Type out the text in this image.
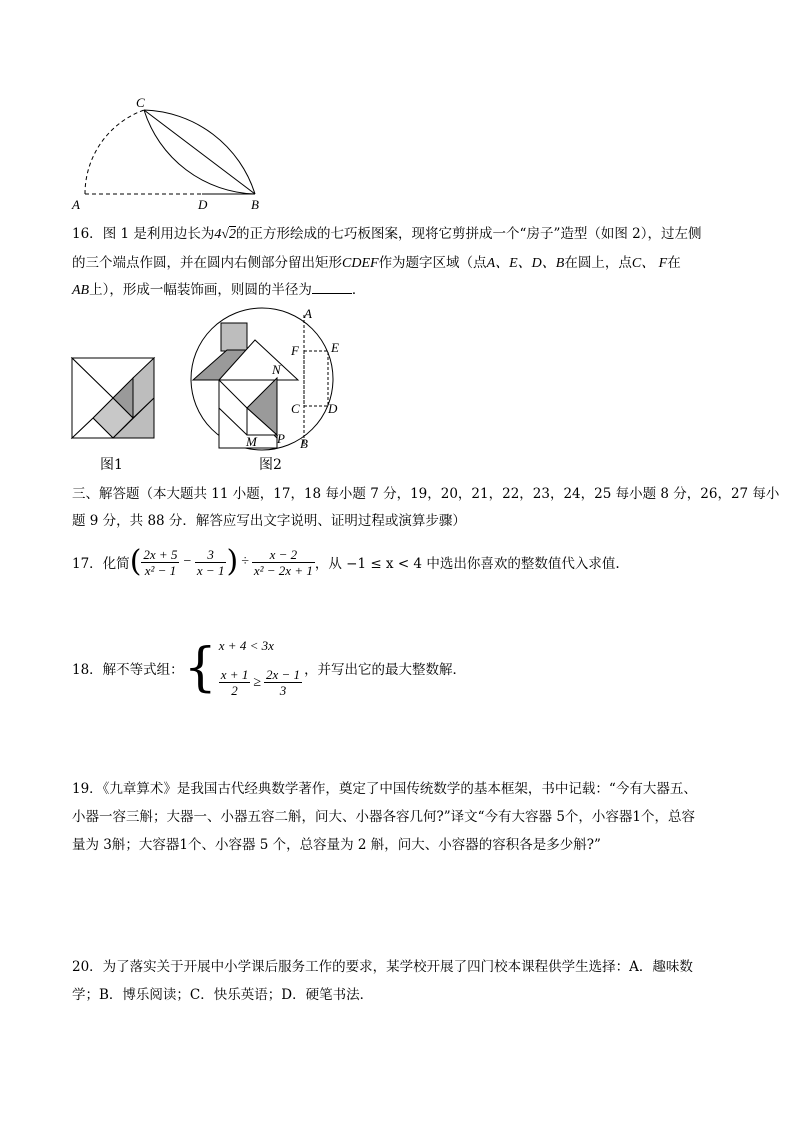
C
A	D	B
16．图 1 是利用边长为4√2的正方形绘成的七巧板图案，现将它剪拼成一个“房子”造型（如图 2），过左侧
的三个端点作圆，并在圆内右侧部分留出矩形CDEF作为题字区域（点A、E、D、B在圆上，点C、 F在
AB上），形成一幅装饰画，则圆的半径为	．
图1
A
F E
N
C D
M P B
图2
三、解答题（本大题共 11 小题，17，18 每小题 7 分，19，20，21，22，23，24，25 每小题 8 分，26，27 每小
题 9 分，共 88 分．解答应写出文字说明、证明过程或演算步骤）
17．化简 ( $\frac{2x + 5}{\text{x² − 1}} - \frac{3}{x - 1}$ ) ÷ $\frac{x - 2}{\text{x² − 2x + 1}}$ ，从 −1 ≤ x < 4 中选出你喜欢的整数值代入求值.
18．解不等式组： { x + 4 < 3x
$\frac{x + 1}{2} \ge \frac{2x - 1}{3}$ ，并写出它的最大整数解．
19．《九章算术》是我国古代经典数学著作，奠定了中国传统数学的基本框架，书中记载：“今有大器五、
小器一容三斛；大器一、小器五容二斛，问大、小器各容几何?”译文“今有大容器 5个，小容器1个，总容
量为 3斛；大容器1个、小容器 5 个，总容量为 2 斛，问大、小容器的容积各是多少斛?”
20．为了落实关于开展中小学课后服务工作的要求，某学校开展了四门校本课程供学生选择：A．趣味数
学；B．博乐阅读；C．快乐英语；D．硬笔书法．
